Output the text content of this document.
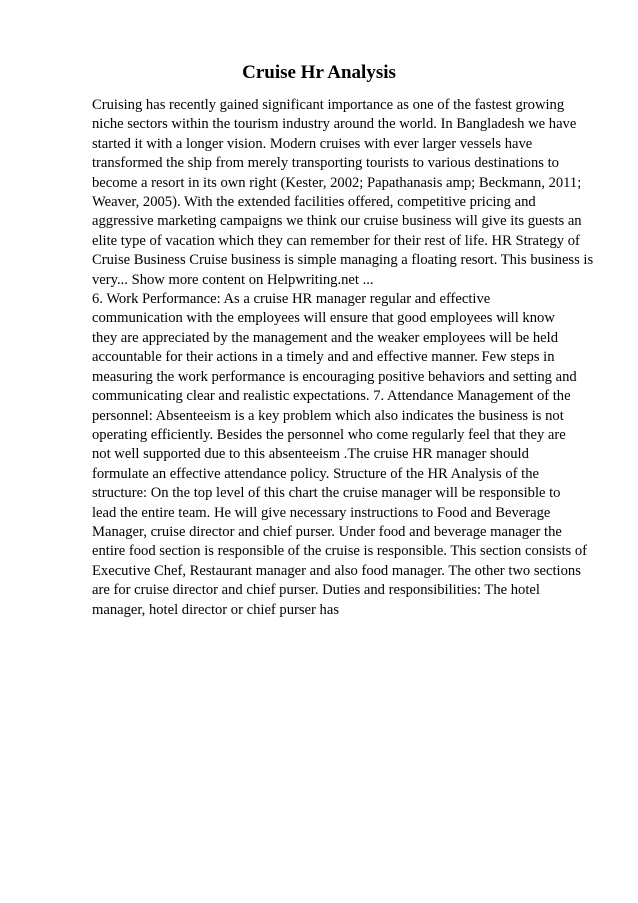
Cruise Hr Analysis
Cruising has recently gained significant importance as one of the fastest growing
niche sectors within the tourism industry around the world. In Bangladesh we have
started it with a longer vision. Modern cruises with ever larger vessels have
transformed the ship from merely transporting tourists to various destinations to
become a resort in its own right (Kester, 2002; Papathanasis amp; Beckmann, 2011;
Weaver, 2005). With the extended facilities offered, competitive pricing and
aggressive marketing campaigns we think our cruise business will give its guests an
elite type of vacation which they can remember for their rest of life. HR Strategy of
Cruise Business Cruise business is simple managing a floating resort. This business is
very... Show more content on Helpwriting.net ...
6. Work Performance: As a cruise HR manager regular and effective
communication with the employees will ensure that good employees will know
they are appreciated by the management and the weaker employees will be held
accountable for their actions in a timely and and effective manner. Few steps in
measuring the work performance is encouraging positive behaviors and setting and
communicating clear and realistic expectations. 7. Attendance Management of the
personnel: Absenteeism is a key problem which also indicates the business is not
operating efficiently. Besides the personnel who come regularly feel that they are
not well supported due to this absenteeism .The cruise HR manager should
formulate an effective attendance policy. Structure of the HR Analysis of the
structure: On the top level of this chart the cruise manager will be responsible to
lead the entire team. He will give necessary instructions to Food and Beverage
Manager, cruise director and chief purser. Under food and beverage manager the
entire food section is responsible of the cruise is responsible. This section consists of
Executive Chef, Restaurant manager and also food manager. The other two sections
are for cruise director and chief purser. Duties and responsibilities: The hotel
manager, hotel director or chief purser has
